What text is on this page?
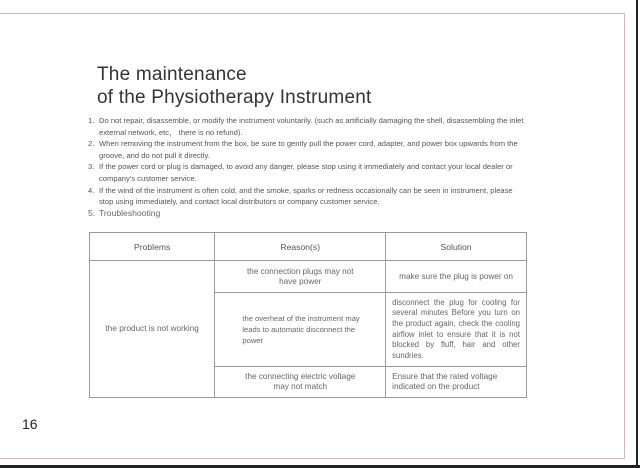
The maintenance
of the Physiotherapy Instrument
1. Do not repair, disassemble, or modify the instrument voluntarily. (such as artificially damaging the shell, disassembling the inlet external network, etc， there is no refund).
2. When removing the instrument from the box, be sure to gently pull the power cord, adapter, and power box upwards from the groove, and do not pull it directly.
3. If the power cord or plug is damaged, to avoid any danger, please stop using it immediately and contact your local dealer or company's customer service.
4. If the wind of the instrument is often cold, and the smoke, sparks or redness occasionally can be seen in instrument, please stop using immediately, and contact local distributors or company customer service.
5. Troubleshooting
Problems	Reason(s)	Solution
the product is not working	the connection plugs may not have power	make sure the plug is power on
	the overheat of the instrument may leads to automatic disconnect the power	disconnect the plug for cooling for several minutes Before you turn on the product again, check the cooling airflow inlet to ensure that it is not blocked by fluff, hair and other sundries.
	the connecting electric voltage may not match	Ensure that the rated voltage indicated on the product
16
